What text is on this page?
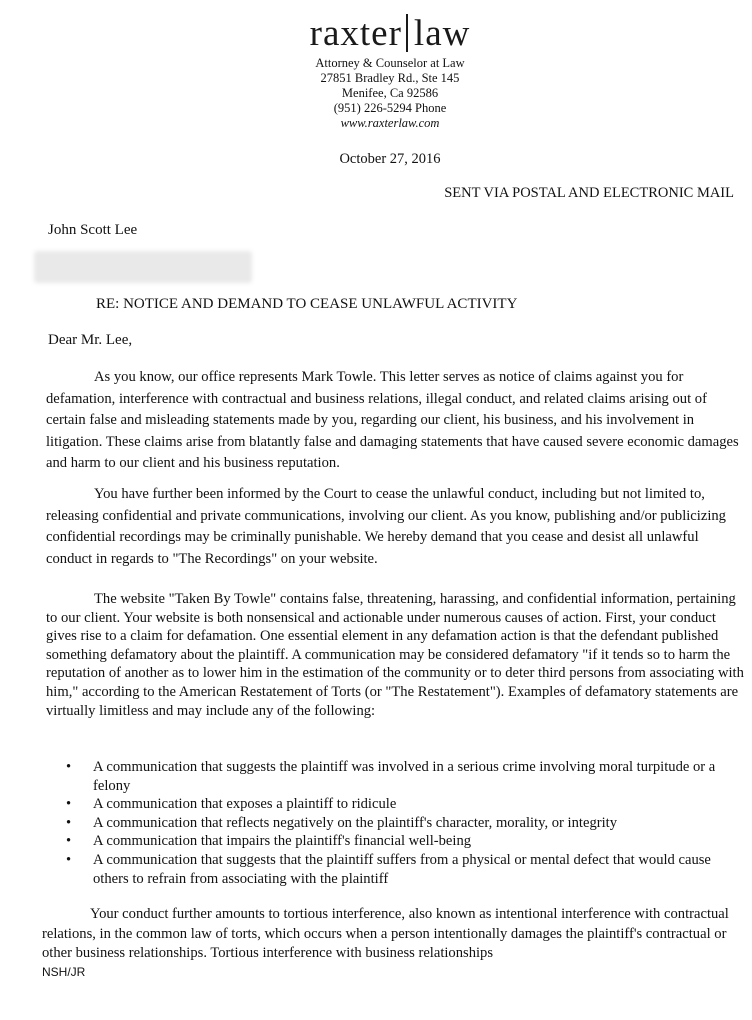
raxter law
Attorney & Counselor at Law
27851 Bradley Rd., Ste 145
Menifee, Ca 92586
(951) 226-5294 Phone
www.raxterlaw.com
October 27, 2016
SENT VIA POSTAL AND ELECTRONIC MAIL
John Scott Lee
RE: NOTICE AND DEMAND TO CEASE UNLAWFUL ACTIVITY
Dear Mr. Lee,

As you know, our office represents Mark Towle. This letter serves as notice of claims against you for defamation, interference with contractual and business relations, illegal conduct, and related claims arising out of certain false and misleading statements made by you, regarding our client, his business, and his involvement in litigation. These claims arise from blatantly false and damaging statements that have caused severe economic damages and harm to our client and his business reputation.

You have further been informed by the Court to cease the unlawful conduct, including but not limited to, releasing confidential and private communications, involving our client. As you know, publishing and/or publicizing confidential recordings may be criminally punishable. We hereby demand that you cease and desist all unlawful conduct in regards to "The Recordings" on your website.

The website "Taken By Towle" contains false, threatening, harassing, and confidential information, pertaining to our client. Your website is both nonsensical and actionable under numerous causes of action. First, your conduct gives rise to a claim for defamation. One essential element in any defamation action is that the defendant published something defamatory about the plaintiff. A communication may be considered defamatory "if it tends so to harm the reputation of another as to lower him in the estimation of the community or to deter third persons from associating with him," according to the American Restatement of Torts (or "The Restatement"). Examples of defamatory statements are virtually limitless and may include any of the following:

• A communication that suggests the plaintiff was involved in a serious crime involving moral turpitude or a felony
• A communication that exposes a plaintiff to ridicule
• A communication that reflects negatively on the plaintiff's character, morality, or integrity
• A communication that impairs the plaintiff's financial well-being
• A communication that suggests that the plaintiff suffers from a physical or mental defect that would cause others to refrain from associating with the plaintiff

Your conduct further amounts to tortious interference, also known as intentional interference with contractual relations, in the common law of torts, which occurs when a person intentionally damages the plaintiff's contractual or other business relationships. Tortious interference with business relationships

NSH/JR
